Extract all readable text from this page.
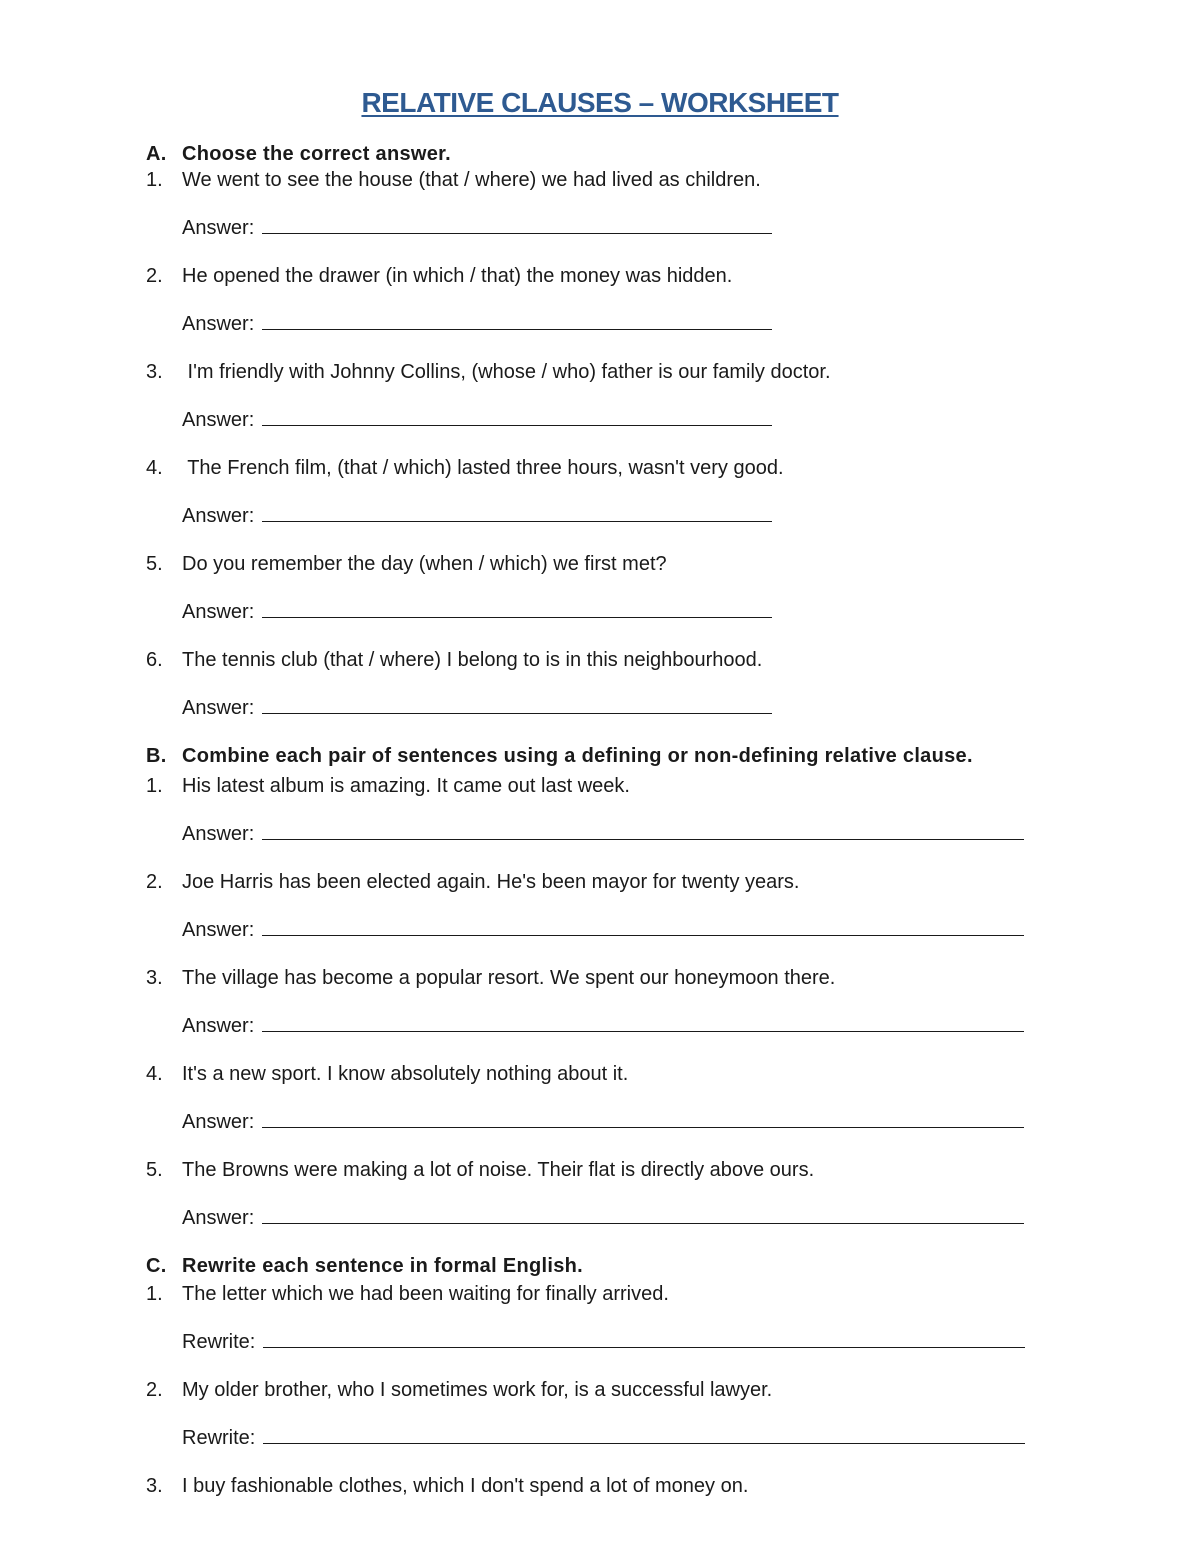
RELATIVE CLAUSES – WORKSHEET
A. Choose the correct answer.
1. We went to see the house (that / where) we had lived as children.
Answer:
2. He opened the drawer (in which / that) the money was hidden.
Answer:
3. I'm friendly with Johnny Collins, (whose / who) father is our family doctor.
Answer:
4. The French film, (that / which) lasted three hours, wasn't very good.
Answer:
5. Do you remember the day (when / which) we first met?
Answer:
6. The tennis club (that / where) I belong to is in this neighbourhood.
Answer:
B. Combine each pair of sentences using a defining or non-defining relative clause.
1. His latest album is amazing. It came out last week.
Answer:
2. Joe Harris has been elected again. He's been mayor for twenty years.
Answer:
3. The village has become a popular resort. We spent our honeymoon there.
Answer:
4. It's a new sport. I know absolutely nothing about it.
Answer:
5. The Browns were making a lot of noise. Their flat is directly above ours.
Answer:
C. Rewrite each sentence in formal English.
1. The letter which we had been waiting for finally arrived.
Rewrite:
2. My older brother, who I sometimes work for, is a successful lawyer.
Rewrite:
3. I buy fashionable clothes, which I don't spend a lot of money on.
